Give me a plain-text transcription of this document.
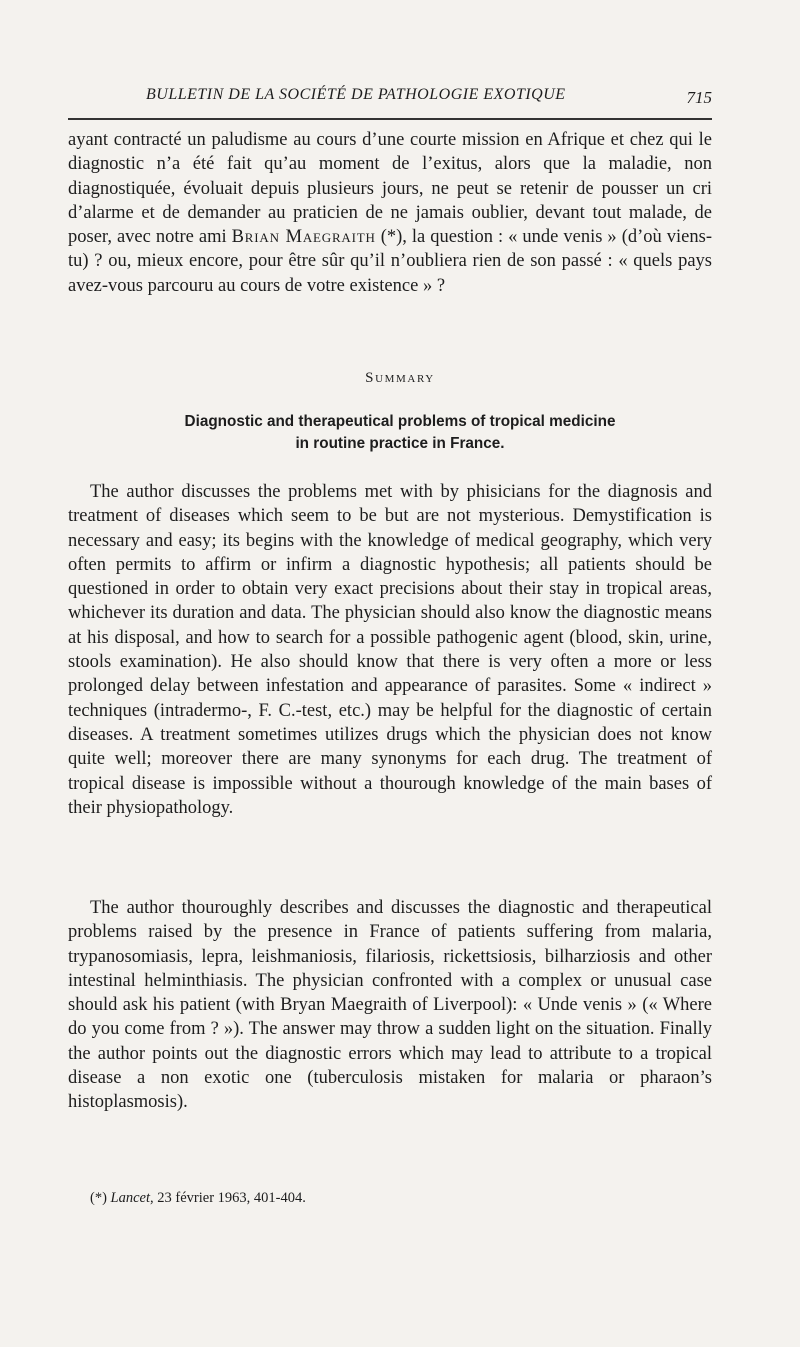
BULLETIN DE LA SOCIÉTÉ DE PATHOLOGIE EXOTIQUE	715
ayant contracté un paludisme au cours d’une courte mission en Afrique et chez qui le diagnostic n’a été fait qu’au moment de l’exitus, alors que la maladie, non diagnostiquée, évoluait depuis plusieurs jours, ne peut se retenir de pousser un cri d’alarme et de demander au praticien de ne jamais oublier, devant tout malade, de poser, avec notre ami Brian Maegraith (*), la question : « unde venis » (d’où viens-tu) ? ou, mieux encore, pour être sûr qu’il n’oubliera rien de son passé : « quels pays avez-vous parcouru au cours de votre existence » ?
Summary
Diagnostic and therapeutical problems of tropical medicine
in routine practice in France.
The author discusses the problems met with by phisicians for the diagnosis and treatment of diseases which seem to be but are not mysterious. Demystification is necessary and easy; its begins with the knowledge of medical geography, which very often permits to affirm or infirm a diagnostic hypothesis; all patients should be questioned in order to obtain very exact precisions about their stay in tropical areas, whichever its duration and data. The physician should also know the diagnostic means at his disposal, and how to search for a possible pathogenic agent (blood, skin, urine, stools examination). He also should know that there is very often a more or less prolonged delay between infestation and appearance of parasites. Some « indirect » techniques (intradermo-, F. C.-test, etc.) may be helpful for the diagnostic of certain diseases. A treatment sometimes utilizes drugs which the physician does not know quite well; moreover there are many synonyms for each drug. The treatment of tropical disease is impossible without a thourough knowledge of the main bases of their physiopathology.
The author thouroughly describes and discusses the diagnostic and therapeutical problems raised by the presence in France of patients suffering from malaria, trypanosomiasis, lepra, leishmaniosis, filariosis, rickettsiosis, bilharziosis and other intestinal helminthiasis. The physician confronted with a complex or unusual case should ask his patient (with Bryan Maegraith of Liverpool): « Unde venis » (« Where do you come from ? »). The answer may throw a sudden light on the situation. Finally the author points out the diagnostic errors which may lead to attribute to a tropical disease a non exotic one (tuberculosis mistaken for malaria or pharaon’s histoplasmosis).
(*) Lancet, 23 février 1963, 401-404.
